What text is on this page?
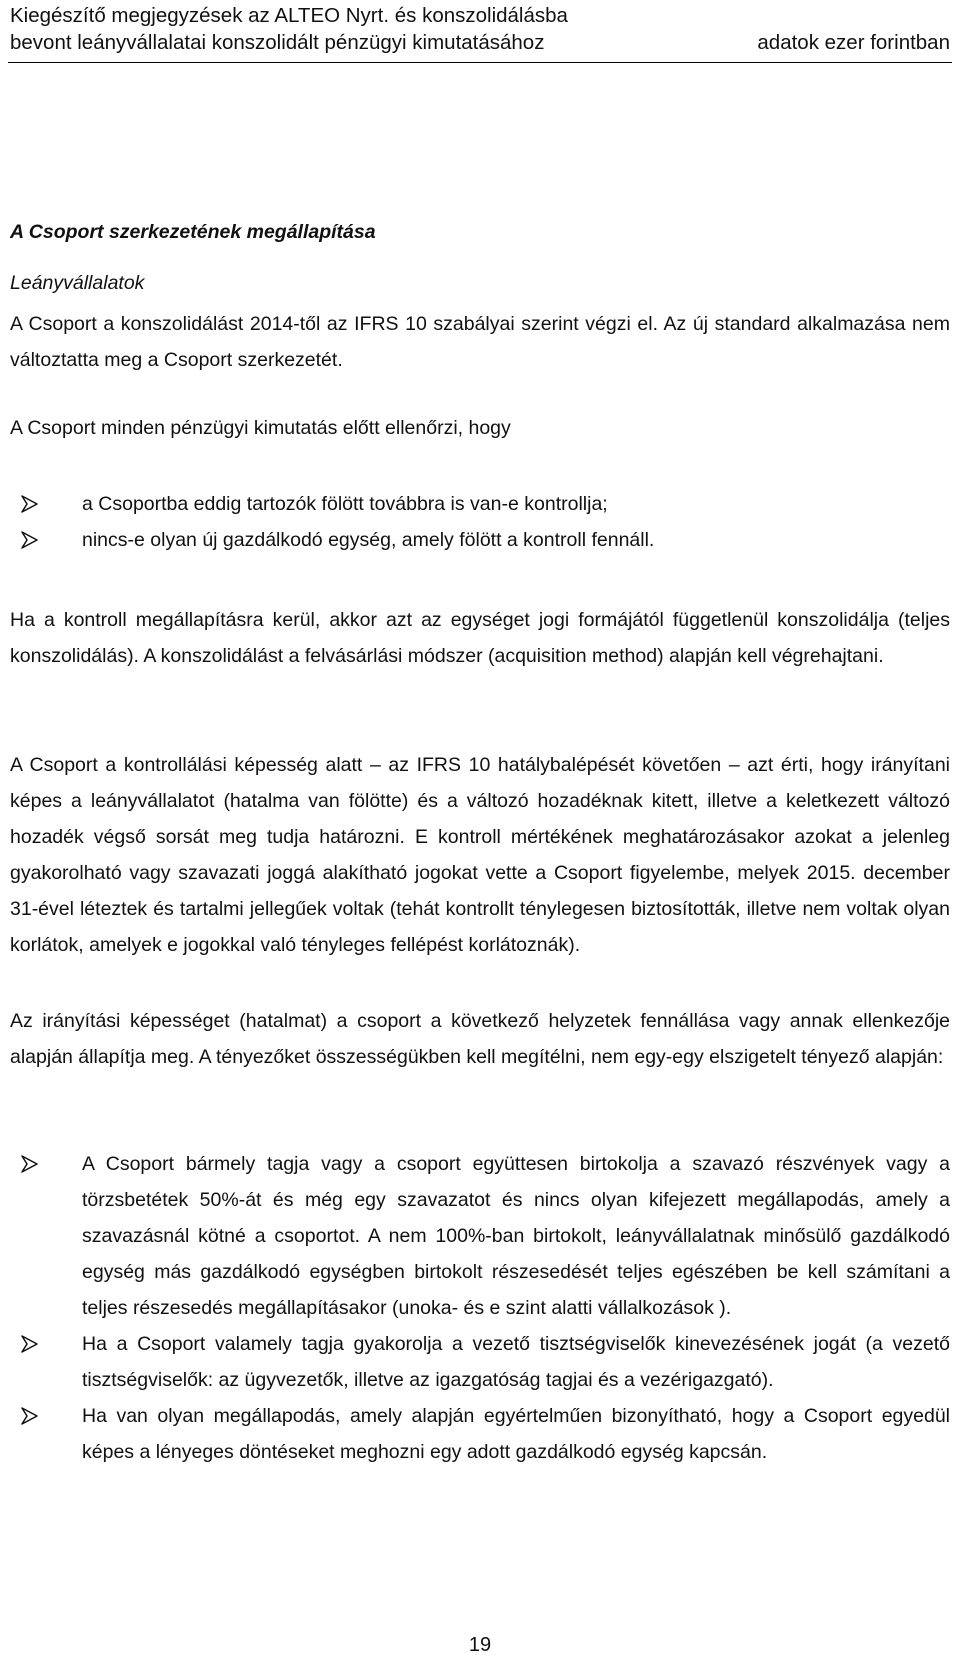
Kiegészítő megjegyzések az ALTEO Nyrt. és konszolidálásba
bevont leányvállalatai konszolidált pénzügyi kimutatásához	adatok ezer forintban
A Csoport szerkezetének megállapítása
Leányvállalatok
A Csoport a konszolidálást 2014-től az IFRS 10 szabályai szerint végzi el. Az új standard alkalmazása nem változtatta meg a Csoport szerkezetét.
A Csoport minden pénzügyi kimutatás előtt ellenőrzi, hogy
a Csoportba eddig tartozók fölött továbbra is van-e kontrollja;
nincs-e olyan új gazdálkodó egység, amely fölött a kontroll fennáll.
Ha a kontroll megállapításra kerül, akkor azt az egységet jogi formájától függetlenül konszolidálja (teljes konszolidálás). A konszolidálást a felvásárlási módszer (acquisition method) alapján kell végrehajtani.
A Csoport a kontrollálási képesség alatt – az IFRS 10 hatálybalépését követően – azt érti, hogy irányítani képes a leányvállalatot (hatalma van fölötte) és a változó hozadéknak kitett, illetve a keletkezett változó hozadék végső sorsát meg tudja határozni. E kontroll mértékének meghatározásakor azokat a jelenleg gyakorolható vagy szavazati joggá alakítható jogokat vette a Csoport figyelembe, melyek 2015. december 31-ével léteztek és tartalmi jellegűek voltak (tehát kontrollt ténylegesen biztosították, illetve nem voltak olyan korlátok, amelyek e jogokkal való tényleges fellépést korlátoznák).
Az irányítási képességet (hatalmat) a csoport a következő helyzetek fennállása vagy annak ellenkezője alapján állapítja meg. A tényezőket összességükben kell megítélni, nem egy-egy elszigetelt tényező alapján:
A Csoport bármely tagja vagy a csoport együttesen birtokolja a szavazó részvények vagy a törzsbetétek 50%-át és még egy szavazatot és nincs olyan kifejezett megállapodás, amely a szavazásnál kötné a csoportot. A nem 100%-ban birtokolt, leányvállalatnak minősülő gazdálkodó egység más gazdálkodó egységben birtokolt részesedését teljes egészében be kell számítani a teljes részesedés megállapításakor (unoka- és e szint alatti vállalkozások ).
Ha a Csoport valamely tagja gyakorolja a vezető tisztségviselők kinevezésének jogát (a vezető tisztségviselők: az ügyvezetők, illetve az igazgatóság tagjai és a vezérigazgató).
Ha van olyan megállapodás, amely alapján egyértelműen bizonyítható, hogy a Csoport egyedül képes a lényeges döntéseket meghozni egy adott gazdálkodó egység kapcsán.
19
